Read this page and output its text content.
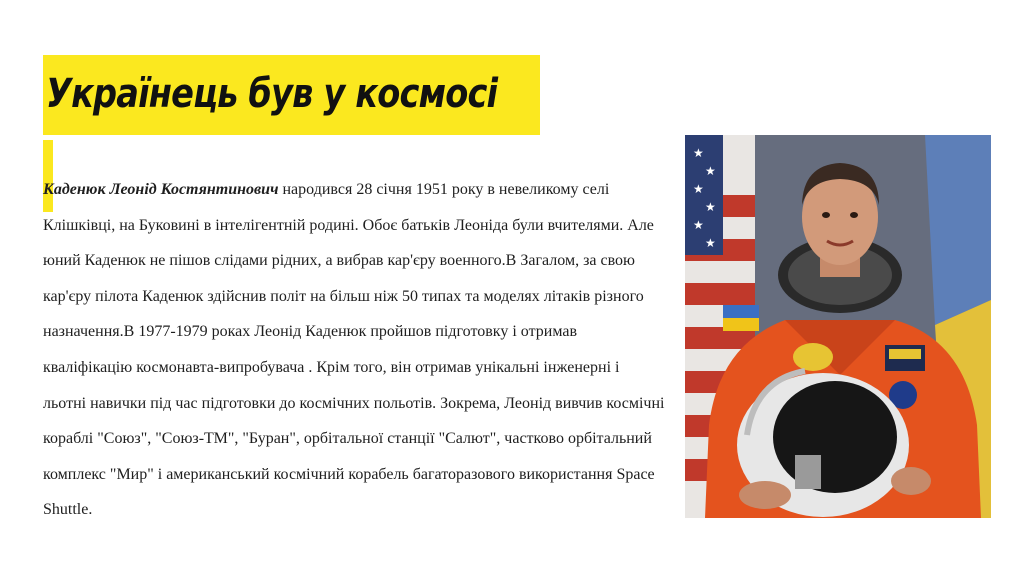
Українець був у космосі

Каденюк Леонід Костянтинович народився 28 січня 1951 року в невеликому селі Клішківці, на Буковині в інтелігентній родині. Обоє батьків Леоніда були вчителями. Але юний Каденюк не пішов слідами рідних, а вибрав кар'єру военного.В Загалом, за свою кар'єру пілота Каденюк здійснив політ на більш ніж 50 типах та моделях літаків різного назначення.В 1977-1979 роках Леонід Каденюк пройшов підготовку і отримав кваліфікацію космонавта-випробувача . Крім того, він отримав унікальні інженерні і льотні навички під час підготовки до космічних польотів. Зокрема, Леонід вивчив космічні кораблі "Союз", "Союз-ТМ", "Буран", орбітальної станції "Салют", частково орбітальний комплекс "Мир" і американський космічний корабель багаторазового використання Space Shuttle.

★
★
★
★
★
★
